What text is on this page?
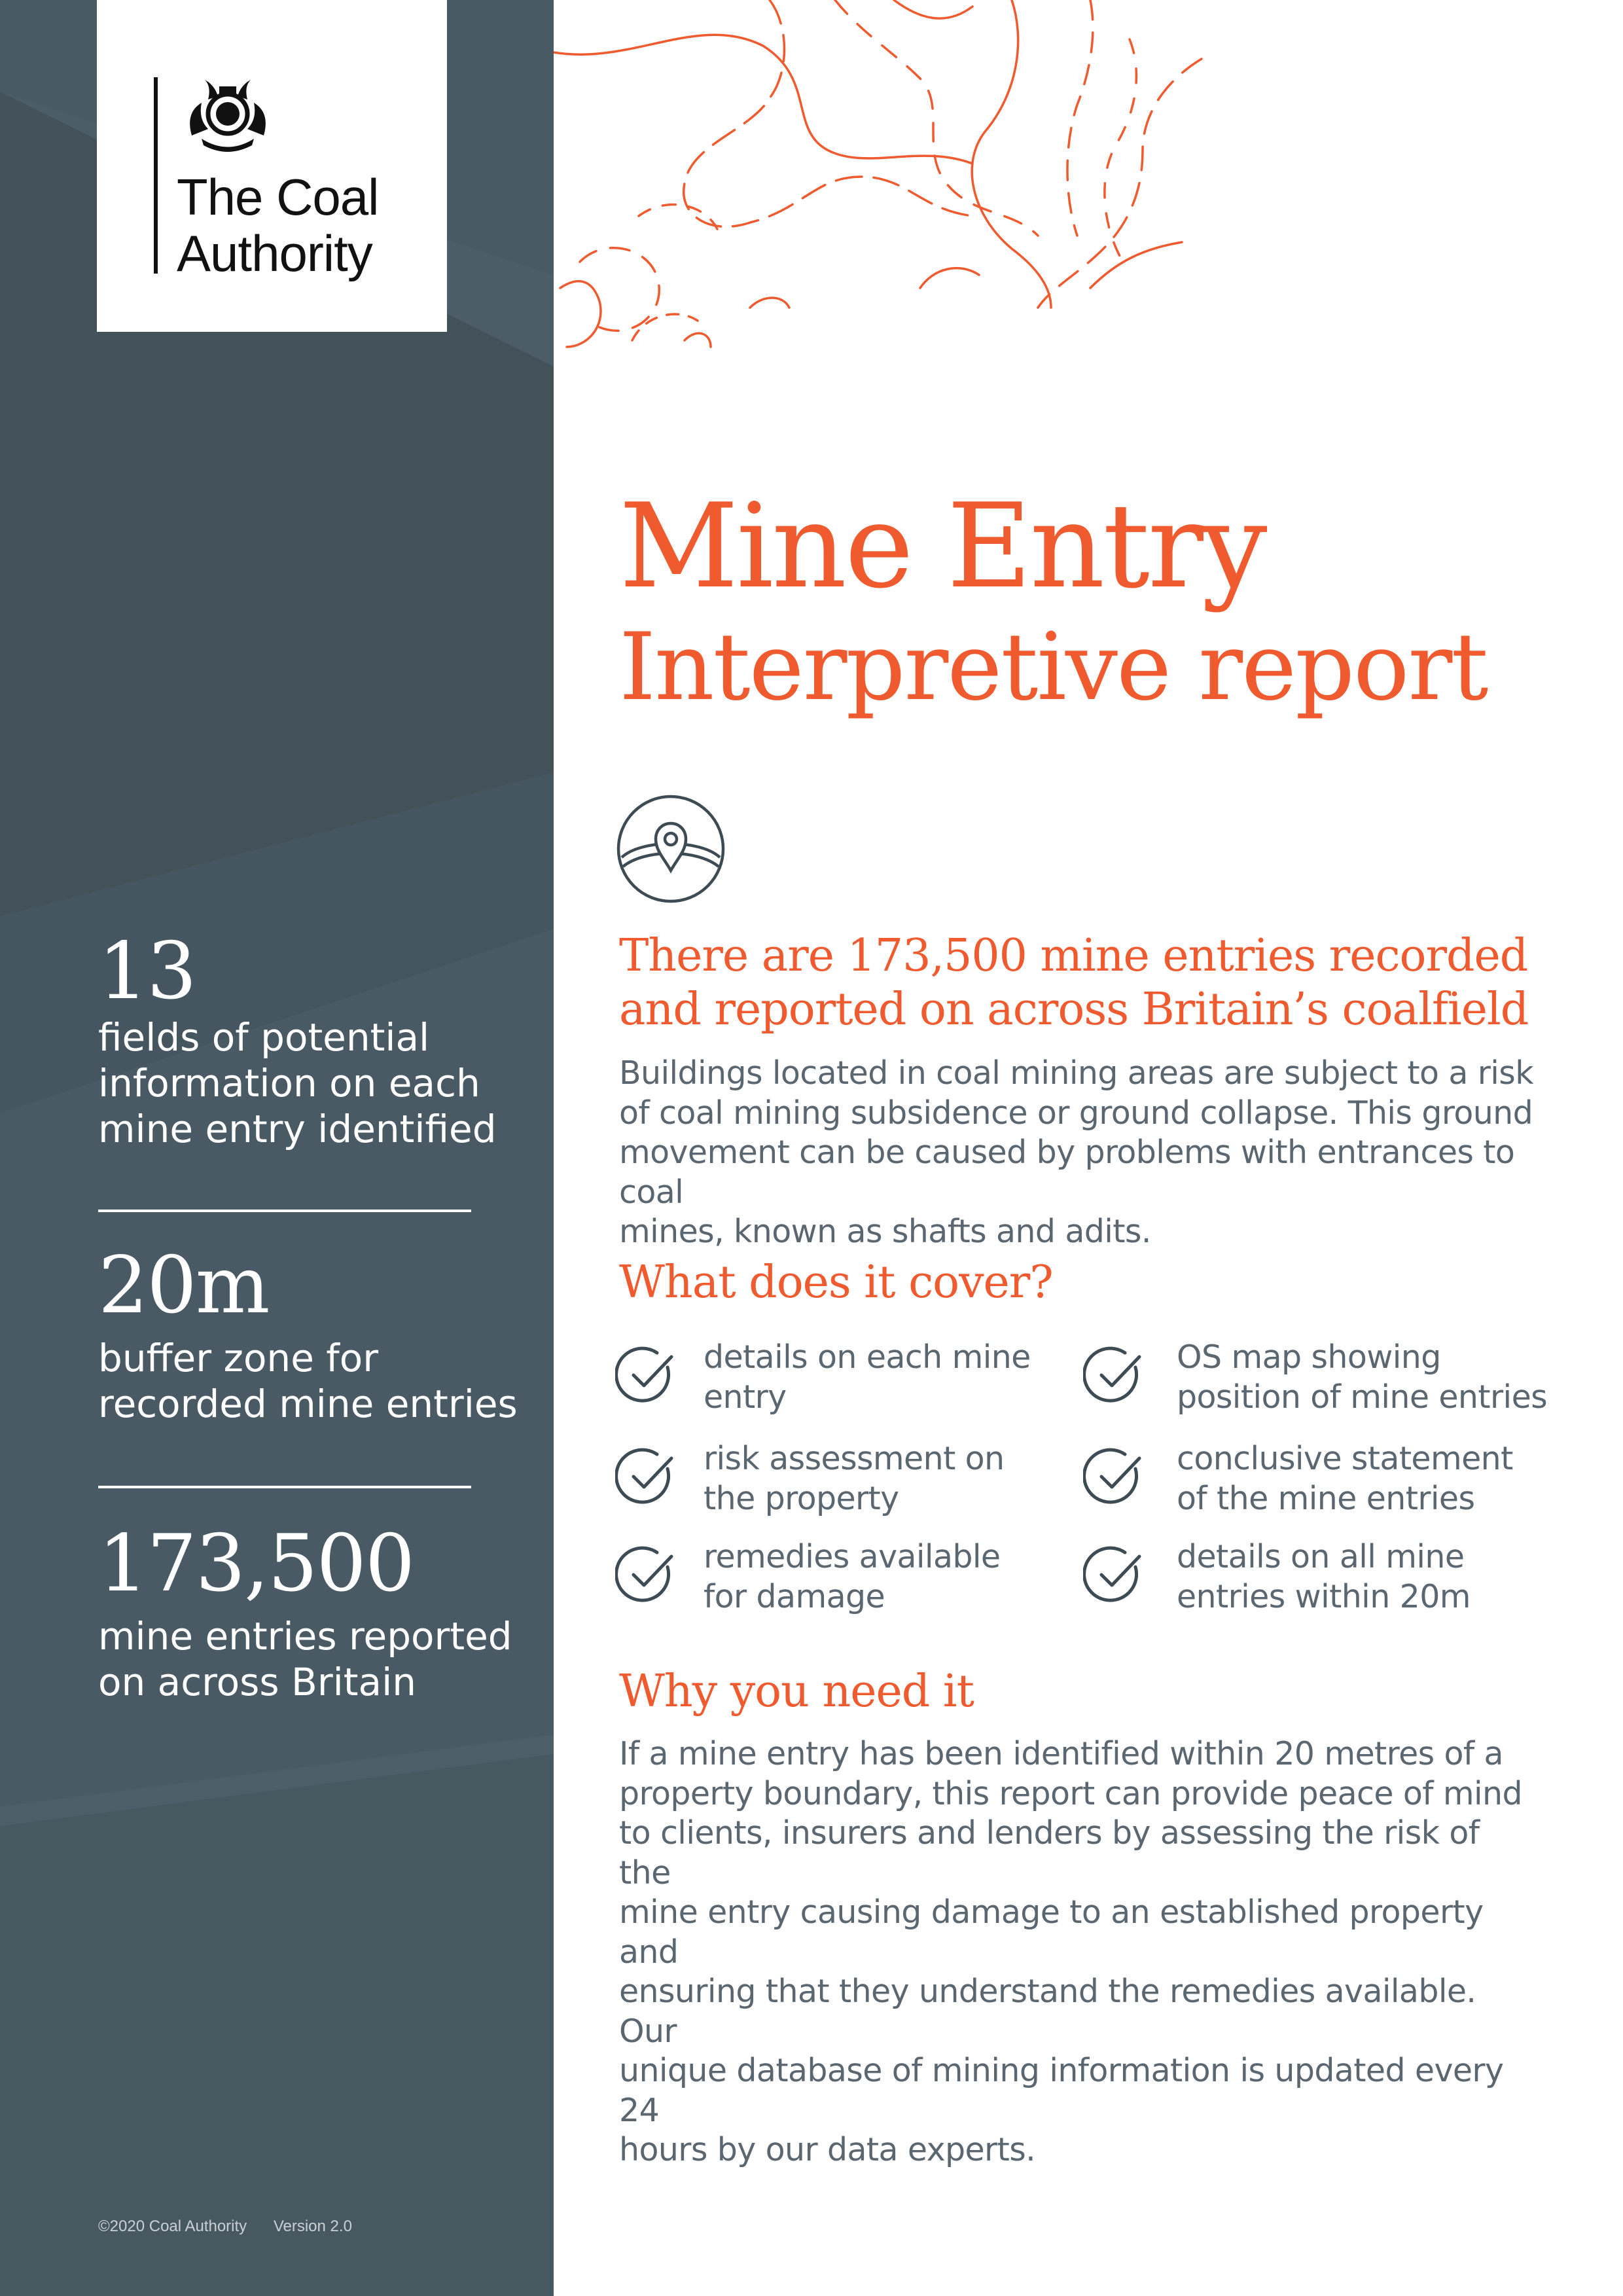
The Coal
Authority
13
fields of potential
information on each
mine entry identified
20m
buffer zone for
recorded mine entries
173,500
mine entries reported
on across Britain
©2020 Coal Authority Version 2.0
Mine Entry
Interpretive report
There are 173,500 mine entries recorded
and reported on across Britain’s coalfield
Buildings located in coal mining areas are subject to a risk
of coal mining subsidence or ground collapse. This ground
movement can be caused by problems with entrances to coal
mines, known as shafts and adits.
What does it cover?
details on each mine
entry
OS map showing
position of mine entries
risk assessment on
the property
conclusive statement
of the mine entries
remedies available
for damage
details on all mine
entries within 20m
Why you need it
If a mine entry has been identified within 20 metres of a
property boundary, this report can provide peace of mind
to clients, insurers and lenders by assessing the risk of the
mine entry causing damage to an established property and
ensuring that they understand the remedies available. Our
unique database of mining information is updated every 24
hours by our data experts.
